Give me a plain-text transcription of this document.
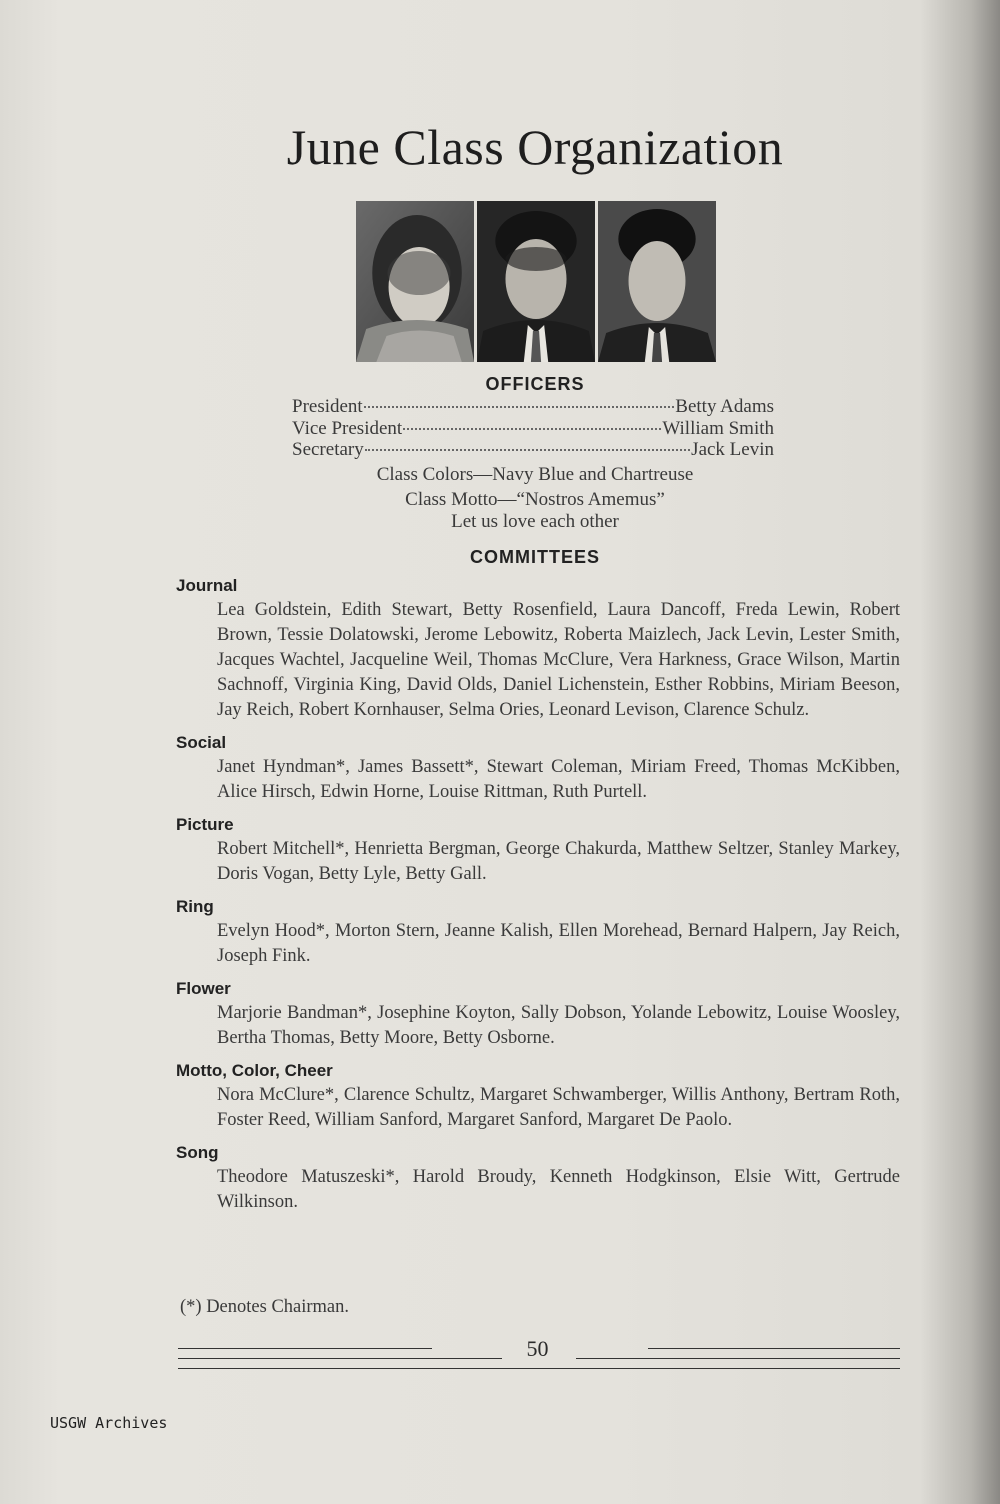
June Class Organization
OFFICERS
President	Betty Adams
Vice President	William Smith
Secretary	Jack Levin
Class Colors—Navy Blue and Chartreuse
Class Motto—“Nostros Amemus”
Let us love each other
COMMITTEES
Journal
Lea Goldstein, Edith Stewart, Betty Rosenfield, Laura Dancoff, Freda Lewin, Robert Brown, Tessie Dolatowski, Jerome Lebowitz, Roberta Maizlech, Jack Levin, Lester Smith, Jacques Wachtel, Jacqueline Weil, Thomas McClure, Vera Harkness, Grace Wilson, Martin Sachnoff, Virginia King, David Olds, Daniel Lichenstein, Esther Robbins, Miriam Beeson, Jay Reich, Robert Kornhauser, Selma Ories, Leonard Levison, Clarence Schulz.
Social
Janet Hyndman*, James Bassett*, Stewart Coleman, Miriam Freed, Thomas McKibben, Alice Hirsch, Edwin Horne, Louise Rittman, Ruth Purtell.
Picture
Robert Mitchell*, Henrietta Bergman, George Chakurda, Matthew Seltzer, Stanley Markey, Doris Vogan, Betty Lyle, Betty Gall.
Ring
Evelyn Hood*, Morton Stern, Jeanne Kalish, Ellen Morehead, Bernard Halpern, Jay Reich, Joseph Fink.
Flower
Marjorie Bandman*, Josephine Koyton, Sally Dobson, Yolande Lebowitz, Louise Woosley, Bertha Thomas, Betty Moore, Betty Osborne.
Motto, Color, Cheer
Nora McClure*, Clarence Schultz, Margaret Schwamberger, Willis Anthony, Bertram Roth, Foster Reed, William Sanford, Margaret Sanford, Margaret De Paolo.
Song
Theodore Matuszeski*, Harold Broudy, Kenneth Hodgkinson, Elsie Witt, Gertrude Wilkinson.
(*) Denotes Chairman.
50
USGW Archives
